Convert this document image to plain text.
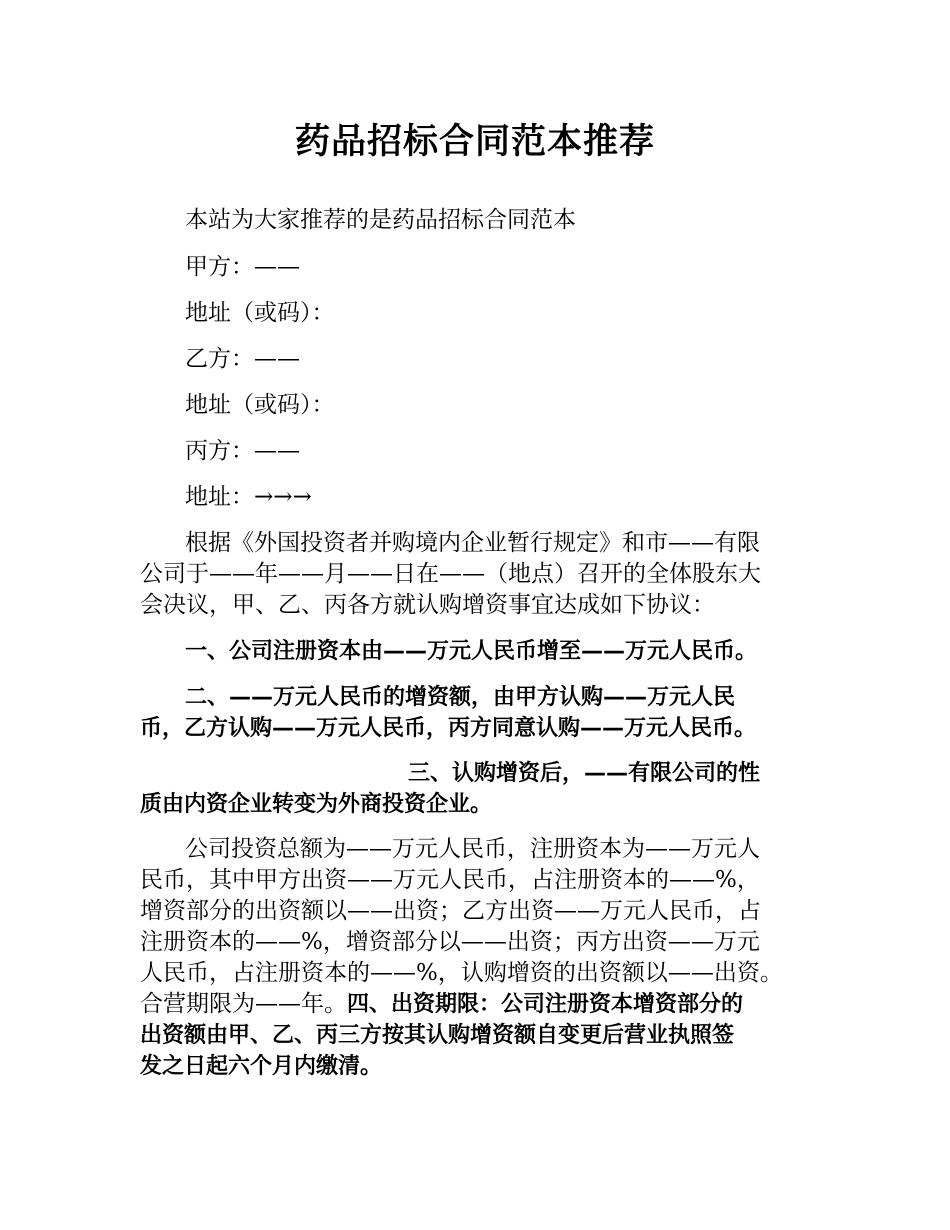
药品招标合同范本推荐
本站为大家推荐的是药品招标合同范本
甲方：——
地址（或码）：
乙方：——
地址（或码）：
丙方：——
地址：→→→
根据《外国投资者并购境内企业暂行规定》和市——有限
公司于——年——月——日在——（地点）召开的全体股东大
会决议，甲、乙、丙各方就认购增资事宜达成如下协议：
一、公司注册资本由——万元人民币增至——万元人民币。
二、——万元人民币的增资额，由甲方认购——万元人民
币，乙方认购——万元人民币，丙方同意认购——万元人民币。
三、认购增资后，——有限公司的性
质由内资企业转变为外商投资企业。
公司投资总额为——万元人民币，注册资本为——万元人
民币，其中甲方出资——万元人民币，占注册资本的——%，
增资部分的出资额以——出资；乙方出资——万元人民币，占
注册资本的——%，增资部分以——出资；丙方出资——万元
人民币，占注册资本的——%，认购增资的出资额以——出资。
合营期限为——年。四、出资期限：公司注册资本增资部分的
出资额由甲、乙、丙三方按其认购增资额自变更后营业执照签
发之日起六个月内缴清。
